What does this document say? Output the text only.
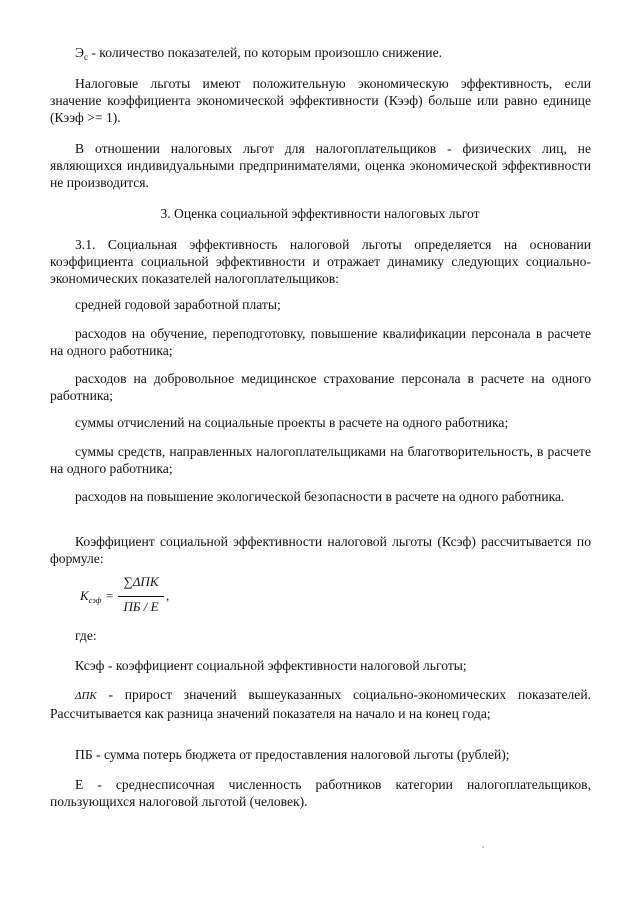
$Э_с$ - количество показателей, по которым произошло снижение.

Налоговые льготы имеют положительную экономическую эффективность, если значение коэффициента экономической эффективности (Кээф) больше или равно единице (Кээф >= 1).

В отношении налоговых льгот для налогоплательщиков - физических лиц, не являющихся индивидуальными предпринимателями, оценка экономической эффективности не производится.

3. Оценка социальной эффективности налоговых льгот

3.1. Социальная эффективность налоговой льготы определяется на основании коэффициента социальной эффективности и отражает динамику следующих социально-экономических показателей налогоплательщиков:

средней годовой заработной платы;

расходов на обучение, переподготовку, повышение квалификации персонала в расчете на одного работника;

расходов на добровольное медицинское страхование персонала в расчете на одного работника;

суммы отчислений на социальные проекты в расчете на одного работника;

суммы средств, направленных налогоплательщиками на благотворительность, в расчете на одного работника;

расходов на повышение экологической безопасности в расчете на одного работника.

Коэффициент социальной эффективности налоговой льготы (Ксэф) рассчитывается по формуле:

$K_{сэф}$ =
∑ΔПК
ПБ / Е
,

где:

Ксэф - коэффициент социальной эффективности налоговой льготы;

ΔПК - прирост значений вышеуказанных социально-экономических показателей. Рассчитывается как разница значений показателя на начало и на конец года;

ПБ - сумма потерь бюджета от предоставления налоговой льготы (рублей);

Е - среднесписочная численность работников категории налогоплательщиков, пользующихся налоговой льготой (человек).
